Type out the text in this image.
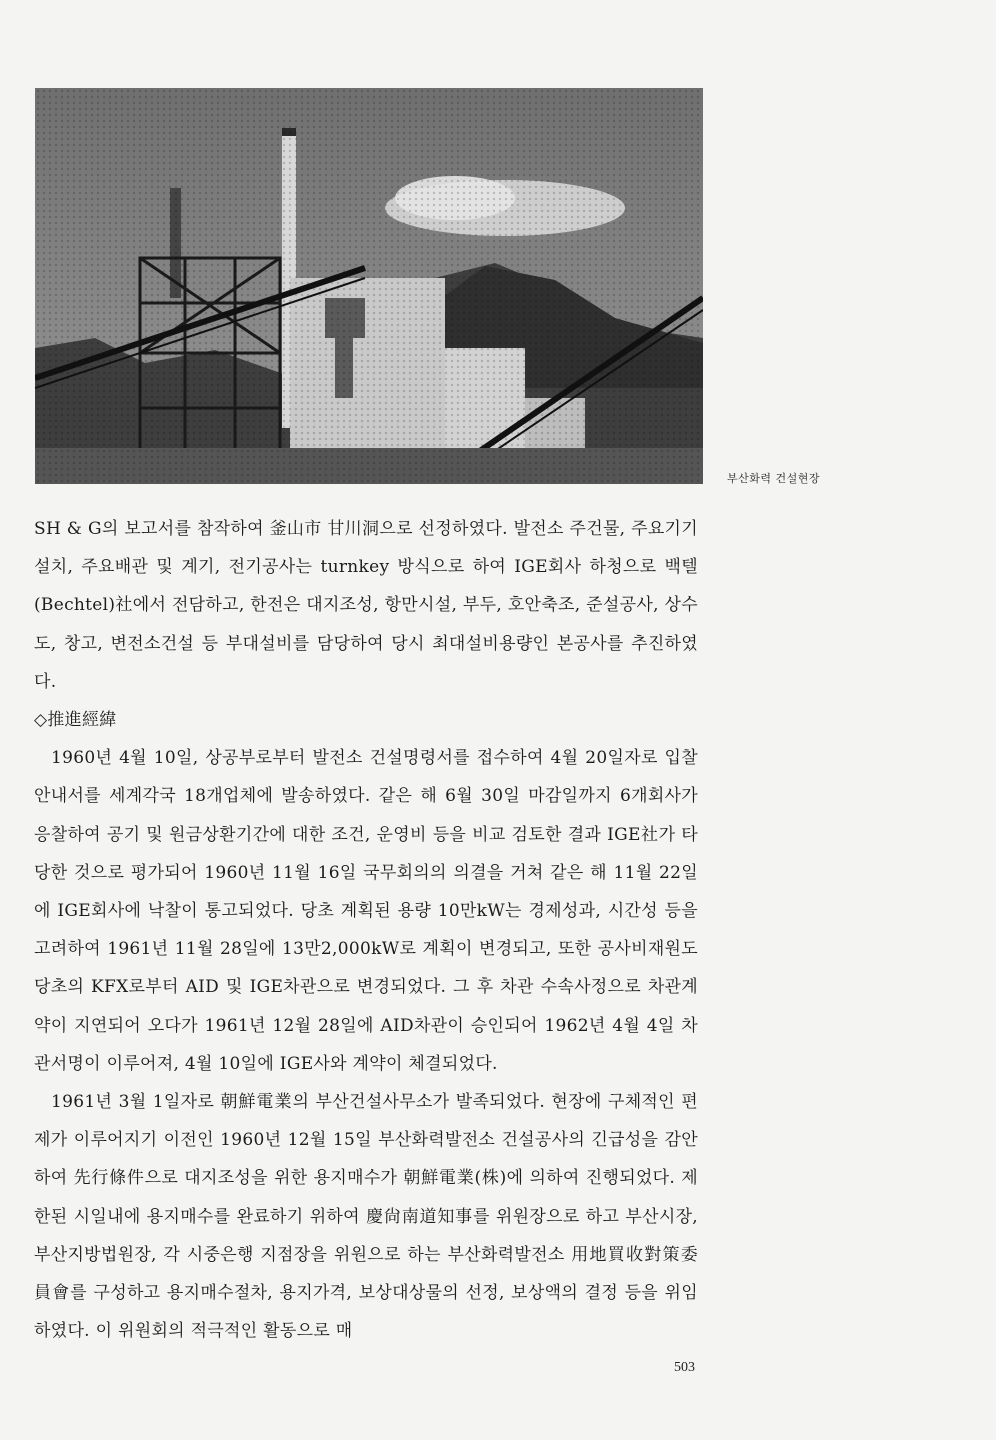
부산화력 건설현장

SH & G의 보고서를 참작하여 釜山市 甘川洞으로 선정하였다. 발전소 주건물, 주요기기설치, 주요배관 및 계기, 전기공사는 turnkey 방식으로 하여 IGE회사 하청으로 백텔(Bechtel)社에서 전담하고, 한전은 대지조성, 항만시설, 부두, 호안축조, 준설공사, 상수도, 창고, 변전소건설 등 부대설비를 담당하여 당시 최대설비용량인 본공사를 추진하였다.

◇推進經緯

1960년 4월 10일, 상공부로부터 발전소 건설명령서를 접수하여 4월 20일자로 입찰안내서를 세계각국 18개업체에 발송하였다. 같은 해 6월 30일 마감일까지 6개회사가 응찰하여 공기 및 원금상환기간에 대한 조건, 운영비 등을 비교 검토한 결과 IGE社가 타당한 것으로 평가되어 1960년 11월 16일 국무회의의 의결을 거쳐 같은 해 11월 22일에 IGE회사에 낙찰이 통고되었다. 당초 계획된 용량 10만kW는 경제성과, 시간성 등을 고려하여 1961년 11월 28일에 13만2,000kW로 계획이 변경되고, 또한 공사비재원도 당초의 KFX로부터 AID 및 IGE차관으로 변경되었다. 그 후 차관 수속사정으로 차관계약이 지연되어 오다가 1961년 12월 28일에 AID차관이 승인되어 1962년 4월 4일 차관서명이 이루어져, 4월 10일에 IGE사와 계약이 체결되었다.

1961년 3월 1일자로 朝鮮電業의 부산건설사무소가 발족되었다. 현장에 구체적인 편제가 이루어지기 이전인 1960년 12월 15일 부산화력발전소 건설공사의 긴급성을 감안하여 先行條件으로 대지조성을 위한 용지매수가 朝鮮電業(株)에 의하여 진행되었다. 제한된 시일내에 용지매수를 완료하기 위하여 慶尙南道知事를 위원장으로 하고 부산시장, 부산지방법원장, 각 시중은행 지점장을 위원으로 하는 부산화력발전소 用地買收對策委員會를 구성하고 용지매수절차, 용지가격, 보상대상물의 선정, 보상액의 결정 등을 위임하였다. 이 위원회의 적극적인 활동으로 매

503
